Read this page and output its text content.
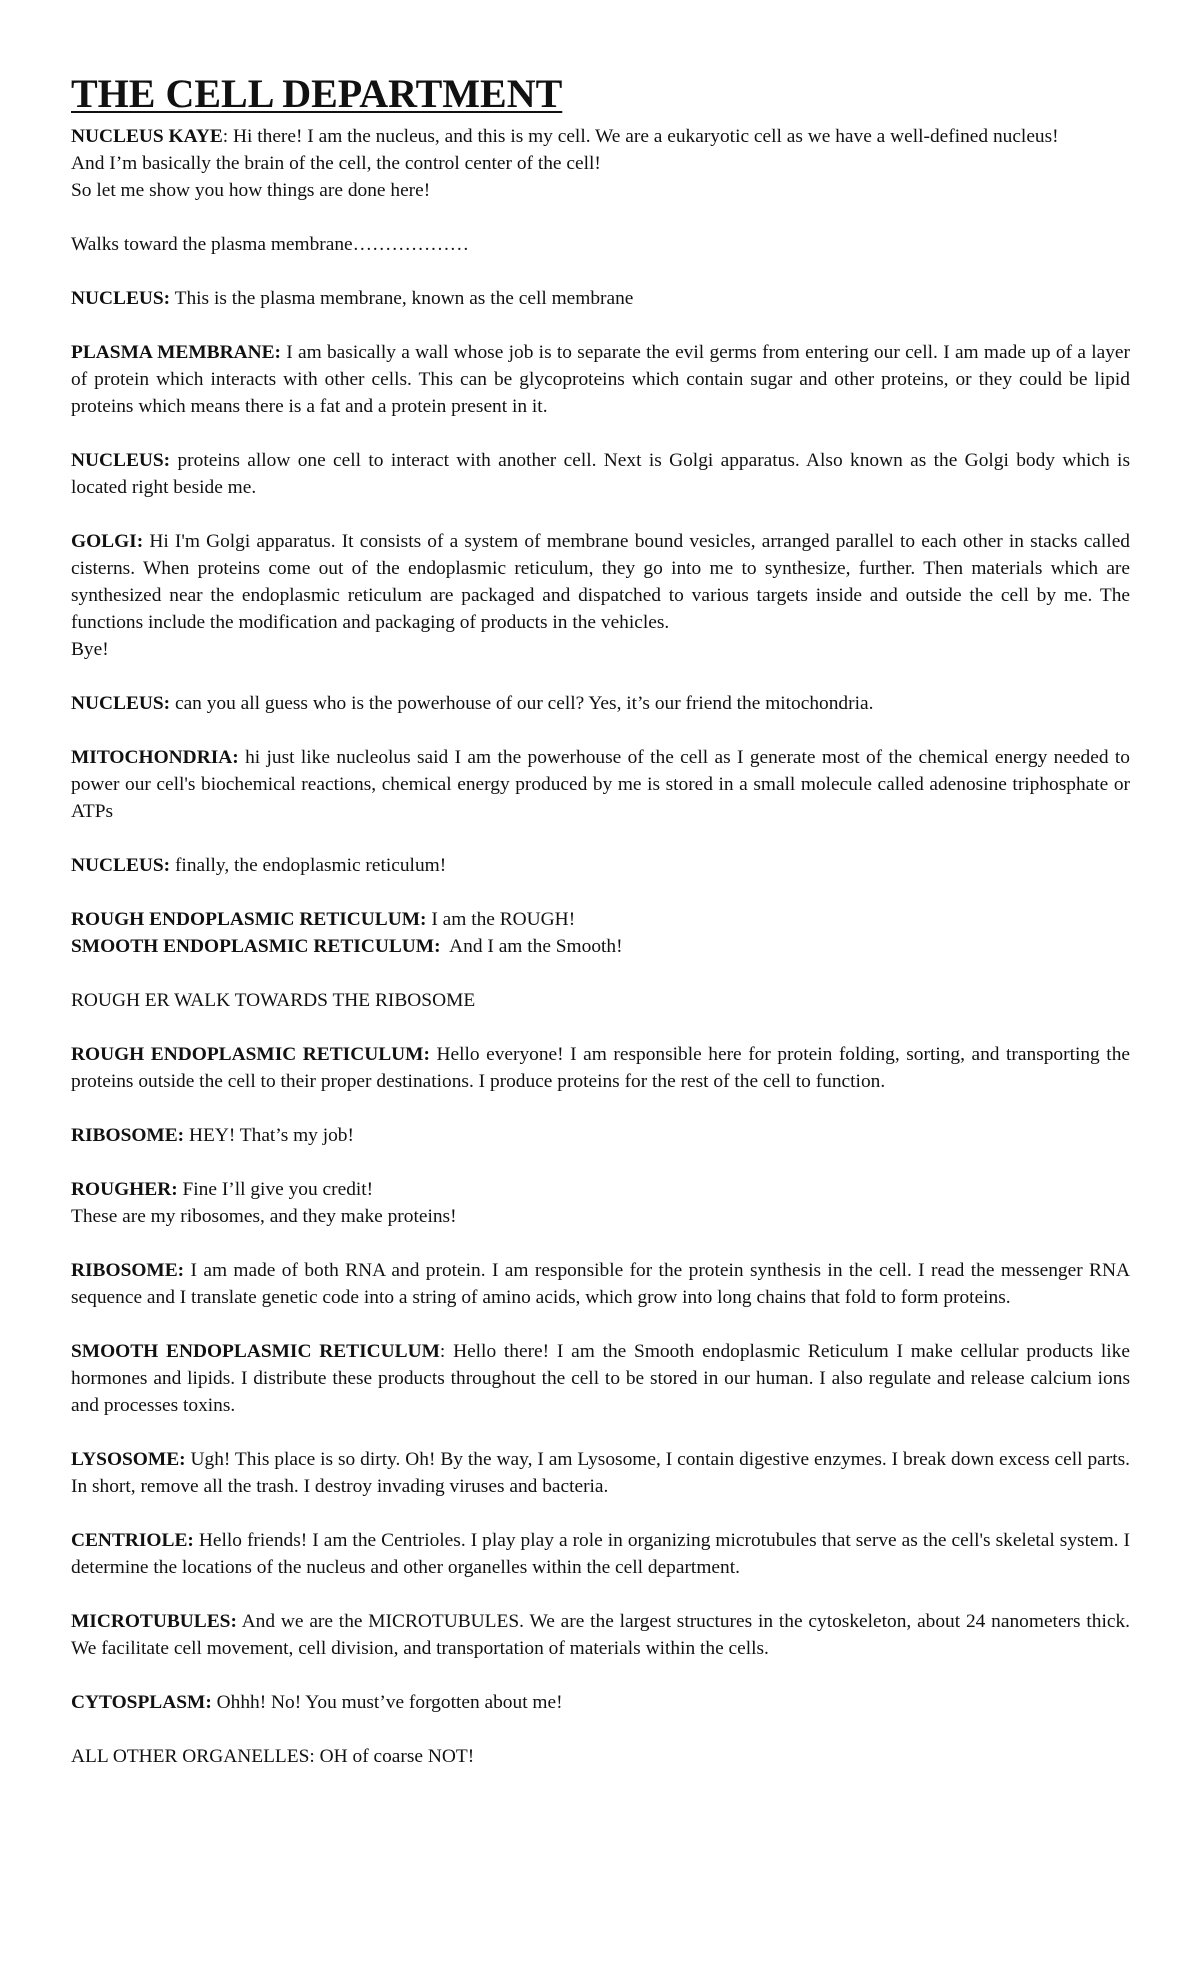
THE CELL DEPARTMENT
NUCLEUS KAYE: Hi there! I am the nucleus, and this is my cell. We are a eukaryotic cell as we have a well-defined nucleus!
And I’m basically the brain of the cell, the control center of the cell!
So let me show you how things are done here!
Walks toward the plasma membrane………………
NUCLEUS: This is the plasma membrane, known as the cell membrane
PLASMA MEMBRANE: I am basically a wall whose job is to separate the evil germs from entering our cell. I am made up of a layer of protein which interacts with other cells. This can be glycoproteins which contain sugar and other proteins, or they could be lipid proteins which means there is a fat and a protein present in it.
NUCLEUS: proteins allow one cell to interact with another cell. Next is Golgi apparatus. Also known as the Golgi body which is located right beside me.
GOLGI: Hi I'm Golgi apparatus. It consists of a system of membrane bound vesicles, arranged parallel to each other in stacks called cisterns. When proteins come out of the endoplasmic reticulum, they go into me to synthesize, further. Then materials which are synthesized near the endoplasmic reticulum are packaged and dispatched to various targets inside and outside the cell by me. The functions include the modification and packaging of products in the vehicles.
Bye!
NUCLEUS: can you all guess who is the powerhouse of our cell? Yes, it’s our friend the mitochondria.
MITOCHONDRIA: hi just like nucleolus said I am the powerhouse of the cell as I generate most of the chemical energy needed to power our cell's biochemical reactions, chemical energy produced by me is stored in a small molecule called adenosine triphosphate or ATPs
NUCLEUS: finally, the endoplasmic reticulum!
ROUGH ENDOPLASMIC RETICULUM: I am the ROUGH!
SMOOTH ENDOPLASMIC RETICULUM:  And I am the Smooth!
ROUGH ER WALK TOWARDS THE RIBOSOME
ROUGH ENDOPLASMIC RETICULUM: Hello everyone! I am responsible here for protein folding, sorting, and transporting the proteins outside the cell to their proper destinations. I produce proteins for the rest of the cell to function.
RIBOSOME: HEY! That’s my job!
ROUGHER: Fine I’ll give you credit!
These are my ribosomes, and they make proteins!
RIBOSOME: I am made of both RNA and protein. I am responsible for the protein synthesis in the cell. I read the messenger RNA sequence and I translate genetic code into a string of amino acids, which grow into long chains that fold to form proteins.
SMOOTH ENDOPLASMIC RETICULUM: Hello there! I am the Smooth endoplasmic Reticulum I make cellular products like hormones and lipids. I distribute these products throughout the cell to be stored in our human. I also regulate and release calcium ions and processes toxins.
LYSOSOME: Ugh! This place is so dirty. Oh! By the way, I am Lysosome, I contain digestive enzymes. I break down excess cell parts. In short, remove all the trash. I destroy invading viruses and bacteria.
CENTRIOLE: Hello friends! I am the Centrioles. I play play a role in organizing microtubules that serve as the cell's skeletal system. I determine the locations of the nucleus and other organelles within the cell department.
MICROTUBULES: And we are the MICROTUBULES. We are the largest structures in the cytoskeleton, about 24 nanometers thick. We facilitate cell movement, cell division, and transportation of materials within the cells.
CYTOSPLASM: Ohhh! No! You must’ve forgotten about me!
ALL OTHER ORGANELLES: OH of coarse NOT!
